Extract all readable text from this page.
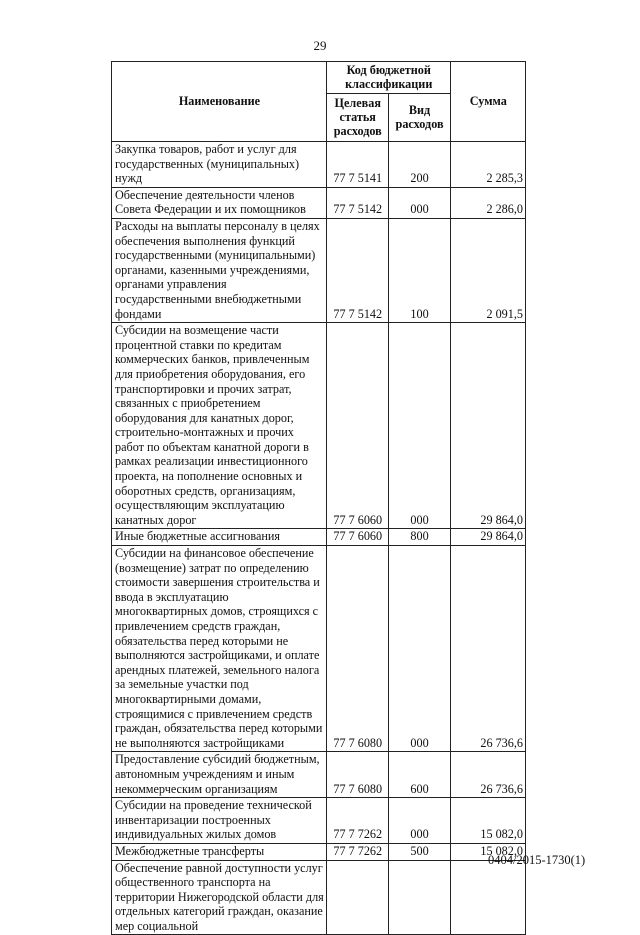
29
Наименование	Код бюджетной классификации		Сумма
	Целевая статья расходов	Вид расходов	
Закупка товаров, работ и услуг для государственных (муниципальных) нужд	77 7 5141	200	2 285,3
Обеспечение деятельности членов Совета Федерации и их помощников	77 7 5142	000	2 286,0
Расходы на выплаты персоналу в целях обеспечения выполнения функций государственными (муниципальными) органами, казенными учреждениями, органами управления государственными внебюджетными фондами	77 7 5142	100	2 091,5
Субсидии на возмещение части процентной ставки по кредитам коммерческих банков, привлеченным для приобретения оборудования, его транспортировки и прочих затрат, связанных с приобретением оборудования для канатных дорог, строительно-монтажных и прочих работ по объектам канатной дороги в рамках реализации инвестиционного проекта, на пополнение основных и оборотных средств, организациям, осуществляющим эксплуатацию канатных дорог	77 7 6060	000	29 864,0
Иные бюджетные ассигнования	77 7 6060	800	29 864,0
Субсидии на финансовое обеспечение (возмещение) затрат по определению стоимости завершения строительства и ввода в эксплуатацию многоквартирных домов, строящихся с привлечением средств граждан, обязательства перед которыми не выполняются застройщиками, и оплате арендных платежей, земельного налога за земельные участки под многоквартирными домами, строящимися с привлечением средств граждан, обязательства перед которыми не выполняются застройщиками	77 7 6080	000	26 736,6
Предоставление субсидий бюджетным, автономным учреждениям и иным некоммерческим организациям	77 7 6080	600	26 736,6
Субсидии на проведение технической инвентаризации построенных индивидуальных жилых домов	77 7 7262	000	15 082,0
Межбюджетные трансферты	77 7 7262	500	15 082,0
Обеспечение равной доступности услуг общественного транспорта на территории Нижегородской области для отдельных категорий граждан, оказание мер социальной			
0404/2015-1730(1)
